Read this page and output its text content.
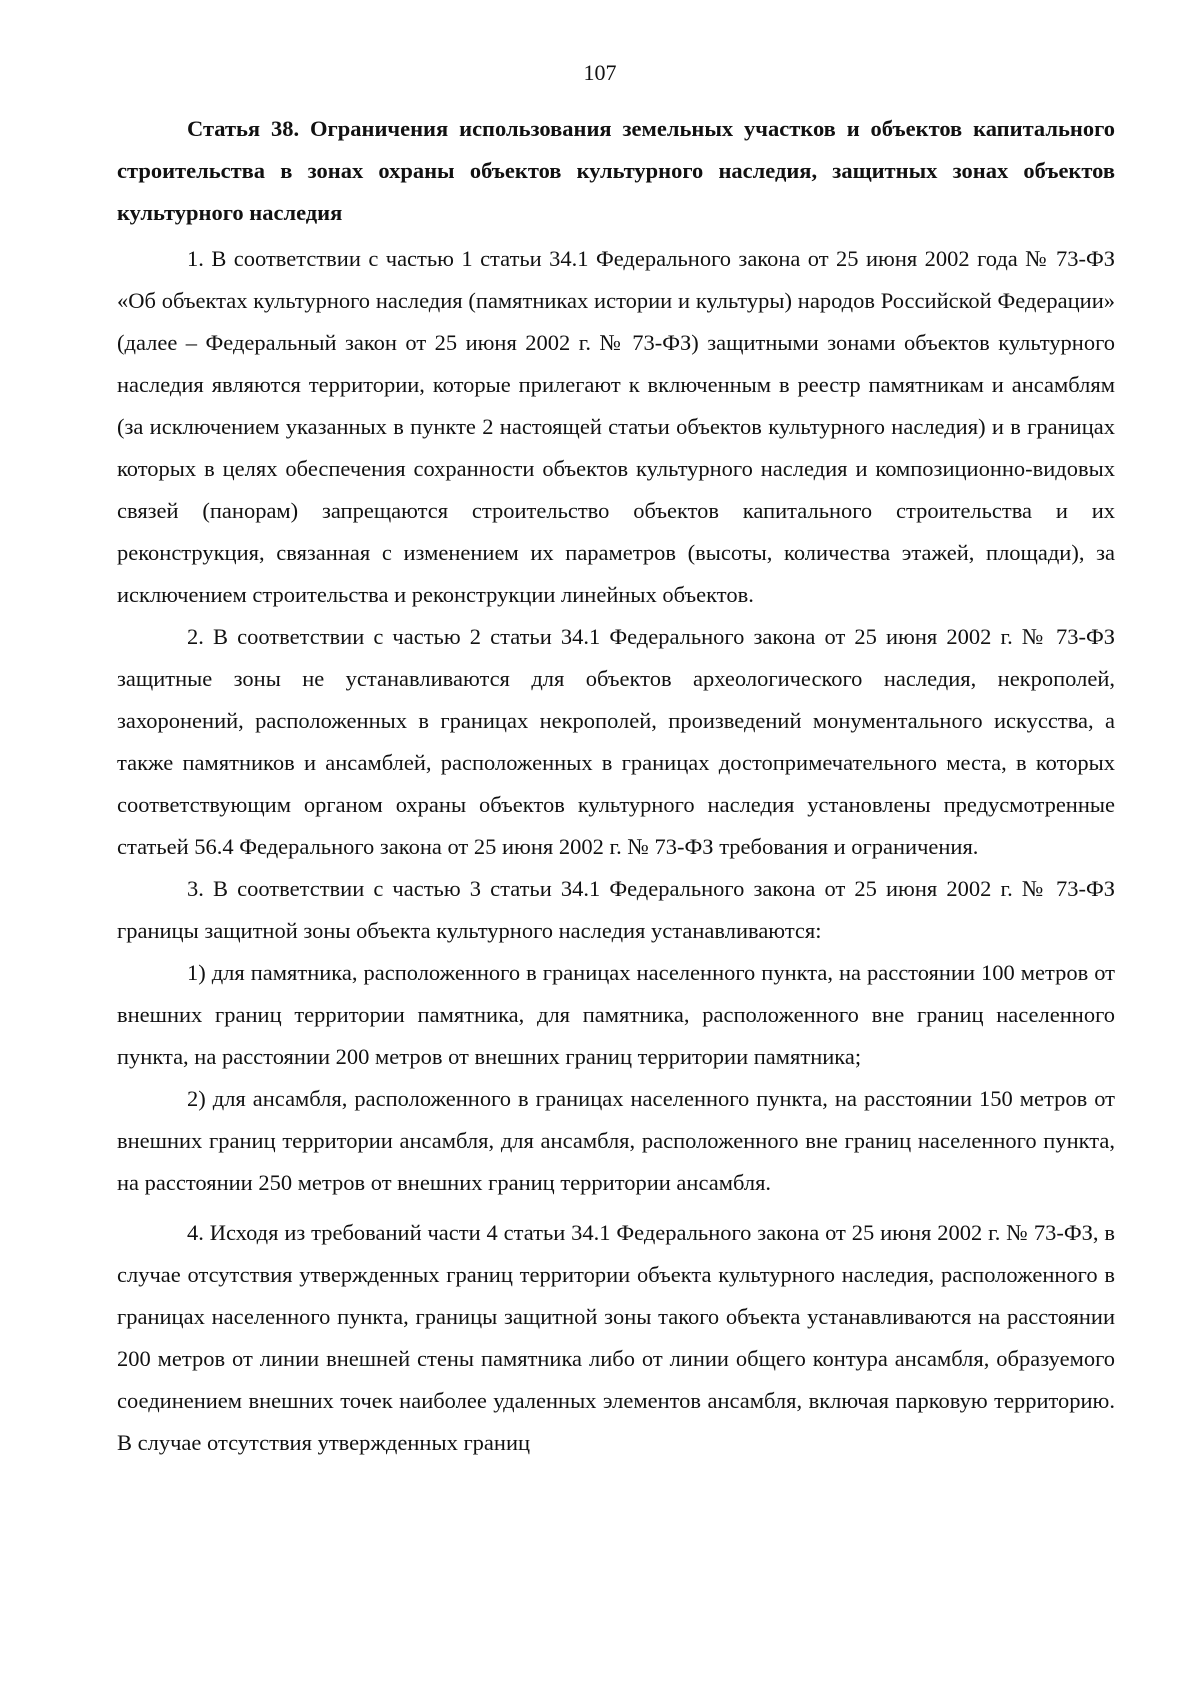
107

Статья 38. Ограничения использования земельных участков и объектов капитального строительства в зонах охраны объектов культурного наследия, защитных зонах объектов культурного наследия

1. В соответствии с частью 1 статьи 34.1 Федерального закона от 25 июня 2002 года № 73-ФЗ «Об объектах культурного наследия (памятниках истории и культуры) народов Российской Федерации» (далее – Федеральный закон от 25 июня 2002 г. № 73-ФЗ) защитными зонами объектов культурного наследия являются территории, которые прилегают к включенным в реестр памятникам и ансамблям (за исключением указанных в пункте 2 настоящей статьи объектов культурного наследия) и в границах которых в целях обеспечения сохранности объектов культурного наследия и композиционно-видовых связей (панорам) запрещаются строительство объектов капитального строительства и их реконструкция, связанная с изменением их параметров (высоты, количества этажей, площади), за исключением строительства и реконструкции линейных объектов.

2. В соответствии с частью 2 статьи 34.1 Федерального закона от 25 июня 2002 г. № 73-ФЗ защитные зоны не устанавливаются для объектов археологического наследия, некрополей, захоронений, расположенных в границах некрополей, произведений монументального искусства, а также памятников и ансамблей, расположенных в границах достопримечательного места, в которых соответствующим органом охраны объектов культурного наследия установлены предусмотренные статьей 56.4 Федерального закона от 25 июня 2002 г. № 73-ФЗ требования и ограничения.

3. В соответствии с частью 3 статьи 34.1 Федерального закона от 25 июня 2002 г. № 73-ФЗ границы защитной зоны объекта культурного наследия устанавливаются:

1) для памятника, расположенного в границах населенного пункта, на расстоянии 100 метров от внешних границ территории памятника, для памятника, расположенного вне границ населенного пункта, на расстоянии 200 метров от внешних границ территории памятника;

2) для ансамбля, расположенного в границах населенного пункта, на расстоянии 150 метров от внешних границ территории ансамбля, для ансамбля, расположенного вне границ населенного пункта, на расстоянии 250 метров от внешних границ территории ансамбля.

4. Исходя из требований части 4 статьи 34.1 Федерального закона от 25 июня 2002 г. № 73-ФЗ, в случае отсутствия утвержденных границ территории объекта культурного наследия, расположенного в границах населенного пункта, границы защитной зоны такого объекта устанавливаются на расстоянии 200 метров от линии внешней стены памятника либо от линии общего контура ансамбля, образуемого соединением внешних точек наиболее удаленных элементов ансамбля, включая парковую территорию. В случае отсутствия утвержденных границ
